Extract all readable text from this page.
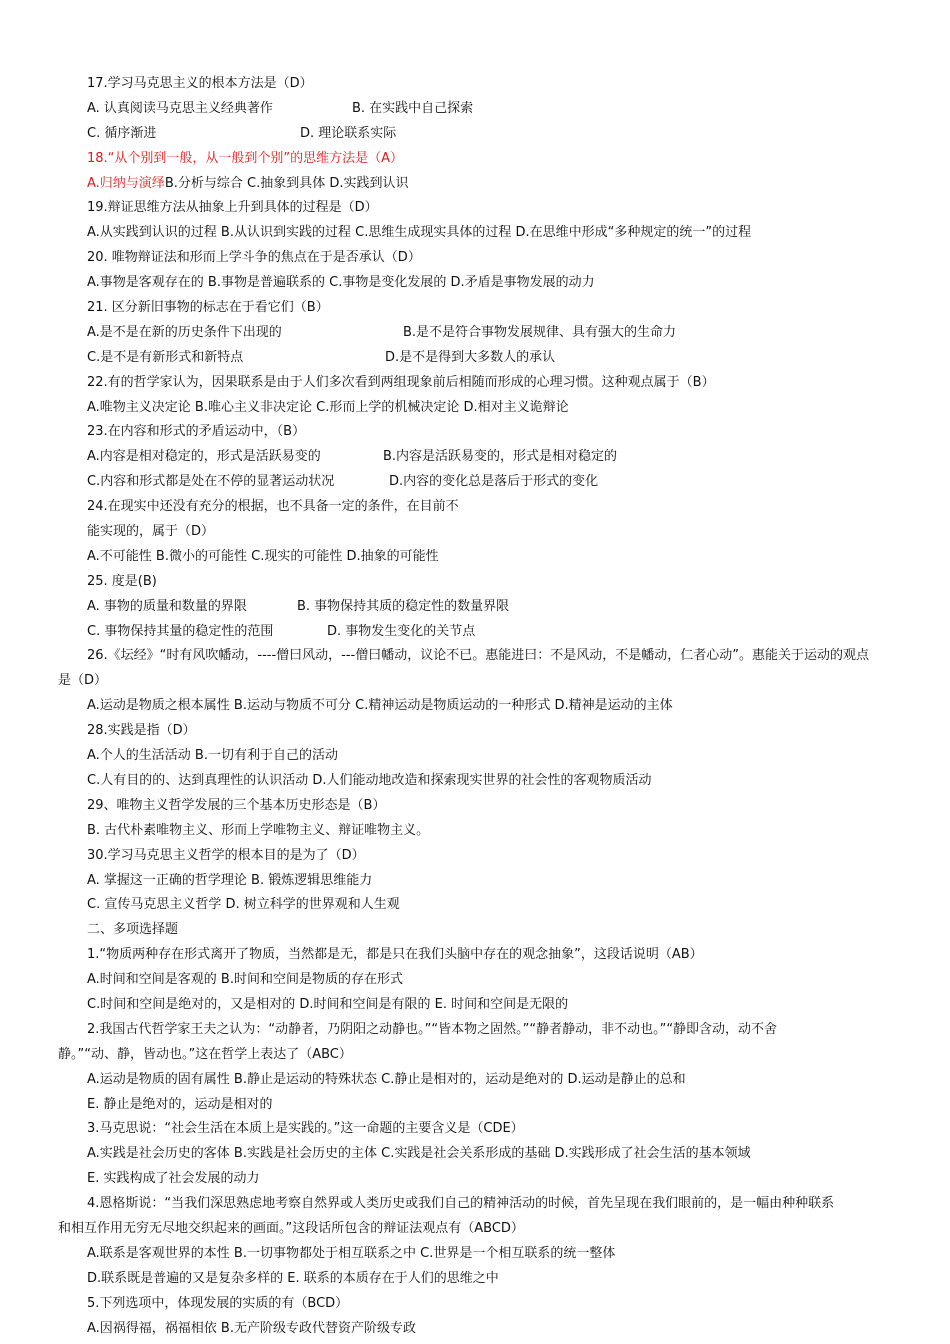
17.学习马克思主义的根本方法是（D）
A. 认真阅读马克思主义经典著作	B. 在实践中自己探索
C. 循序渐进	D. 理论联系实际
18.“从个别到一般，从一般到个别”的思维方法是（A）
A.归纳与演绎B.分析与综合 C.抽象到具体 D.实践到认识
19.辩证思维方法从抽象上升到具体的过程是（D）
A.从实践到认识的过程 B.从认识到实践的过程 C.思维生成现实具体的过程 D.在思维中形成“多种规定的统一”的过程
20. 唯物辩证法和形而上学斗争的焦点在于是否承认（D）
A.事物是客观存在的 B.事物是普遍联系的 C.事物是变化发展的 D.矛盾是事物发展的动力
21. 区分新旧事物的标志在于看它们（B）
A.是不是在新的历史条件下出现的	B.是不是符合事物发展规律、具有强大的生命力
C.是不是有新形式和新特点	D.是不是得到大多数人的承认
22.有的哲学家认为，因果联系是由于人们多次看到两组现象前后相随而形成的心理习惯。这种观点属于（B）
A.唯物主义决定论 B.唯心主义非决定论 C.形而上学的机械决定论 D.相对主义诡辩论
23.在内容和形式的矛盾运动中，（B）
A.内容是相对稳定的，形式是活跃易变的	B.内容是活跃易变的，形式是相对稳定的
C.内容和形式都是处在不停的显著运动状况	D.内容的变化总是落后于形式的变化
24.在现实中还没有充分的根据，也不具备一定的条件，在目前不
能实现的，属于（D）
A.不可能性 B.微小的可能性 C.现实的可能性 D.抽象的可能性
25. 度是(B)
A. 事物的质量和数量的界限	B. 事物保持其质的稳定性的数量界限
C. 事物保持其量的稳定性的范围	D. 事物发生变化的关节点
26.《坛经》“时有风吹幡动，----僧曰风动，---僧曰幡动，议论不已。惠能进曰：不是风动，不是幡动，仁者心动”。惠能关于运动的观点
是（D）
A.运动是物质之根本属性 B.运动与物质不可分 C.精神运动是物质运动的一种形式 D.精神是运动的主体
28.实践是指（D）
A.个人的生活活动 B.一切有利于自己的活动
C.人有目的的、达到真理性的认识活动 D.人们能动地改造和探索现实世界的社会性的客观物质活动
29、唯物主义哲学发展的三个基本历史形态是（B）
B. 古代朴素唯物主义、形而上学唯物主义、辩证唯物主义。
30.学习马克思主义哲学的根本目的是为了（D）
A. 掌握这一正确的哲学理论 B. 锻炼逻辑思维能力
C. 宣传马克思主义哲学 D. 树立科学的世界观和人生观
二、多项选择题
1.“物质两种存在形式离开了物质，当然都是无，都是只在我们头脑中存在的观念抽象”，这段话说明（AB）
A.时间和空间是客观的 B.时间和空间是物质的存在形式
C.时间和空间是绝对的，又是相对的 D.时间和空间是有限的 E. 时间和空间是无限的
2.我国古代哲学家王夫之认为：“动静者，乃阴阳之动静也。”“皆本物之固然。”“静者静动，非不动也。”“静即含动，动不舍
静。”“动、静，皆动也。”这在哲学上表达了（ABC）
A.运动是物质的固有属性 B.静止是运动的特殊状态 C.静止是相对的，运动是绝对的 D.运动是静止的总和
E. 静止是绝对的，运动是相对的
3.马克思说：“社会生活在本质上是实践的。”这一命题的主要含义是（CDE）
A.实践是社会历史的客体 B.实践是社会历史的主体 C.实践是社会关系形成的基础 D.实践形成了社会生活的基本领域
E. 实践构成了社会发展的动力
4.恩格斯说：“当我们深思熟虑地考察自然界或人类历史或我们自己的精神活动的时候，首先呈现在我们眼前的，是一幅由种种联系
和相互作用无穷无尽地交织起来的画面。”这段话所包含的辩证法观点有（ABCD）
A.联系是客观世界的本性 B.一切事物都处于相互联系之中 C.世界是一个相互联系的统一整体
D.联系既是普遍的又是复杂多样的 E. 联系的本质存在于人们的思维之中
5.下列选项中，体现发展的实质的有（BCD）
A.因祸得福，祸福相依 B.无产阶级专政代替资产阶级专政
